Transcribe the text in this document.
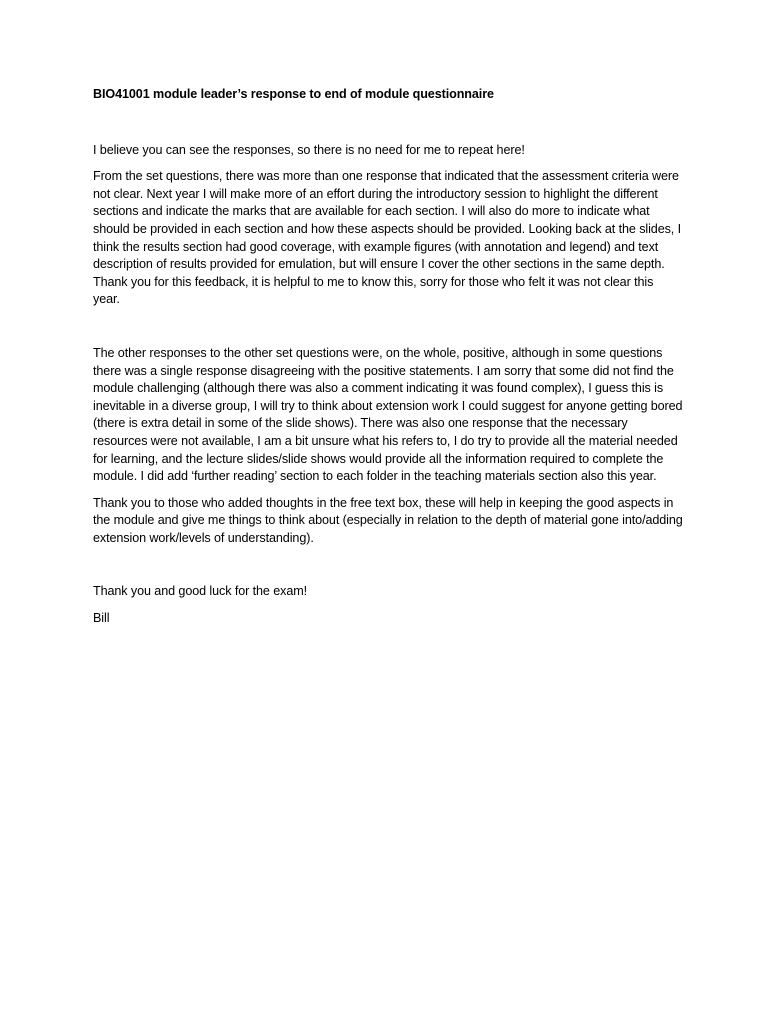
BIO41001 module leader’s response to end of module questionnaire

I believe you can see the responses, so there is no need for me to repeat here!

From the set questions, there was more than one response that indicated that the assessment criteria were not clear. Next year I will make more of an effort during the introductory session to highlight the different sections and indicate the marks that are available for each section. I will also do more to indicate what should be provided in each section and how these aspects should be provided. Looking back at the slides, I think the results section had good coverage, with example figures (with annotation and legend) and text description of results provided for emulation, but will ensure I cover the other sections in the same depth. Thank you for this feedback, it is helpful to me to know this, sorry for those who felt it was not clear this year.

The other responses to the other set questions were, on the whole, positive, although in some questions there was a single response disagreeing with the positive statements. I am sorry that some did not find the module challenging (although there was also a comment indicating it was found complex), I guess this is inevitable in a diverse group, I will try to think about extension work I could suggest for anyone getting bored (there is extra detail in some of the slide shows). There was also one response that the necessary resources were not available, I am a bit unsure what his refers to, I do try to provide all the material needed for learning, and the lecture slides/slide shows would provide all the information required to complete the module. I did add ‘further reading’ section to each folder in the teaching materials section also this year.

Thank you to those who added thoughts in the free text box, these will help in keeping the good aspects in the module and give me things to think about (especially in relation to the depth of material gone into/adding extension work/levels of understanding).

Thank you and good luck for the exam!

Bill
